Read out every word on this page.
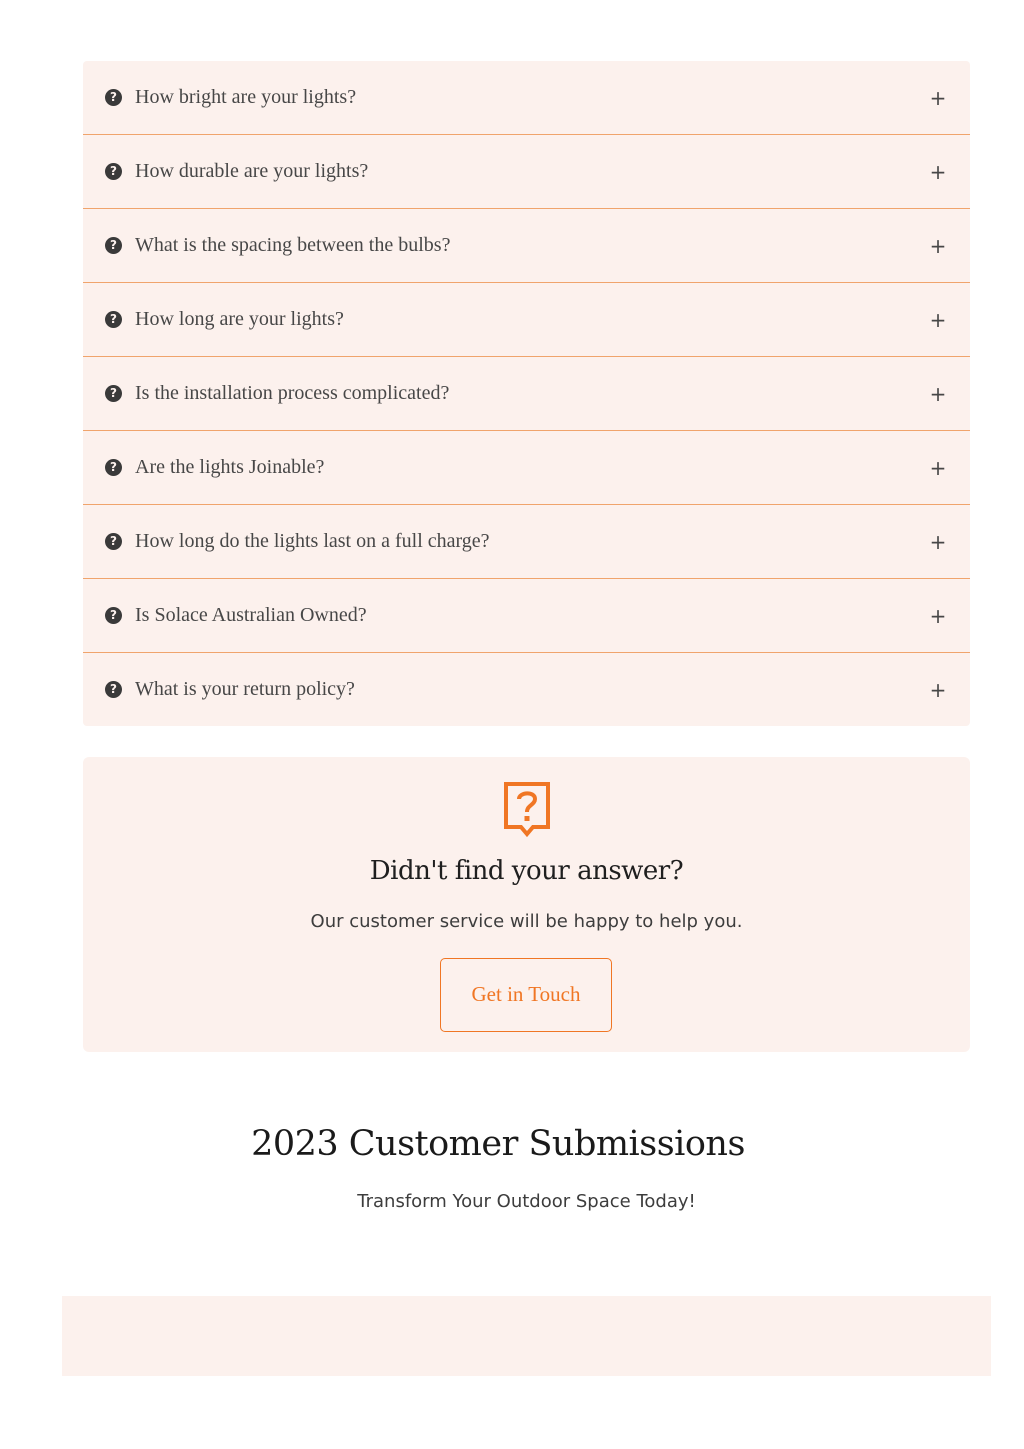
? How bright are your lights?	+
? How durable are your lights?	+
? What is the spacing between the bulbs?	+
? How long are your lights?	+
? Is the installation process complicated?	+
? Are the lights Joinable?	+
? How long do the lights last on a full charge?	+
? Is Solace Australian Owned?	+
? What is your return policy?	+
Didn't find your answer?
Our customer service will be happy to help you.
Get in Touch
2023 Customer Submissions
Transform Your Outdoor Space Today!
